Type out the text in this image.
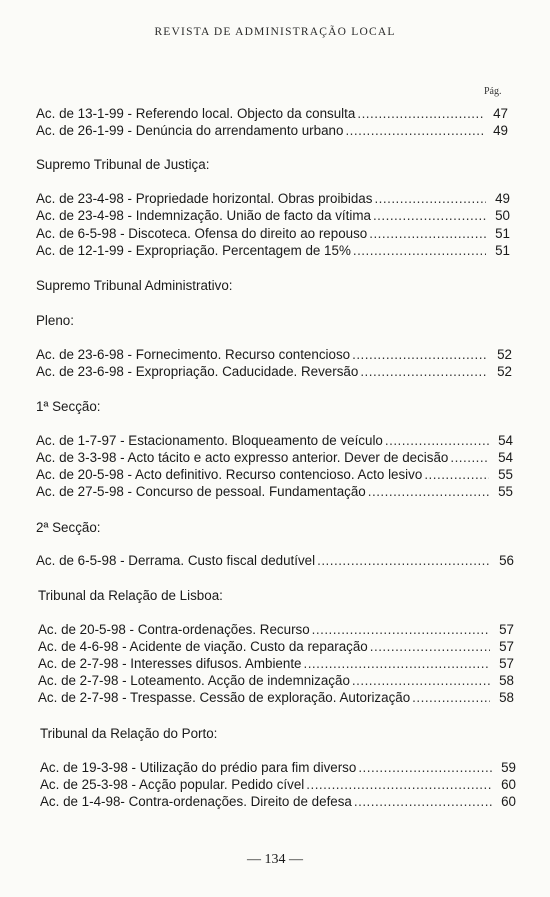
REVISTA DE ADMINISTRAÇÃO LOCAL
Pág.
Ac. de 13-1-99 - Referendo local. Objecto da consulta .....	47
Ac. de 26-1-99 - Denúncia do arrendamento urbano .....	49
Supremo Tribunal de Justiça:
Ac. de 23-4-98 - Propriedade horizontal. Obras proibidas .....	49
Ac. de 23-4-98 - Indemnização. União de facto da vítima .....	50
Ac. de 6-5-98 - Discoteca. Ofensa do direito ao repouso .....	51
Ac. de 12-1-99 - Expropriação. Percentagem de 15% .....	51
Supremo Tribunal Administrativo:
Pleno:
Ac. de 23-6-98 - Fornecimento. Recurso contencioso .....	52
Ac. de 23-6-98 - Expropriação. Caducidade. Reversão .....	52
1ª Secção:
Ac. de 1-7-97 - Estacionamento. Bloqueamento de veículo .....	54
Ac. de 3-3-98 - Acto tácito e acto expresso anterior. Dever de decisão .....	54
Ac. de 20-5-98 - Acto definitivo. Recurso contencioso. Acto lesivo .....	55
Ac. de 27-5-98 - Concurso de pessoal. Fundamentação .....	55
2ª Secção:
Ac. de 6-5-98 - Derrama. Custo fiscal dedutível .....	56
Tribunal da Relação de Lisboa:
Ac. de 20-5-98 - Contra-ordenações. Recurso .....	57
Ac. de 4-6-98 - Acidente de viação. Custo da reparação .....	57
Ac. de 2-7-98 - Interesses difusos. Ambiente .....	57
Ac. de 2-7-98 - Loteamento. Acção de indemnização .....	58
Ac. de 2-7-98 - Trespasse. Cessão de exploração. Autorização .....	58
Tribunal da Relação do Porto:
Ac. de 19-3-98 - Utilização do prédio para fim diverso .....	59
Ac. de 25-3-98 - Acção popular. Pedido cível .....	60
Ac. de 1-4-98- Contra-ordenações. Direito de defesa .....	60
— 134 —
